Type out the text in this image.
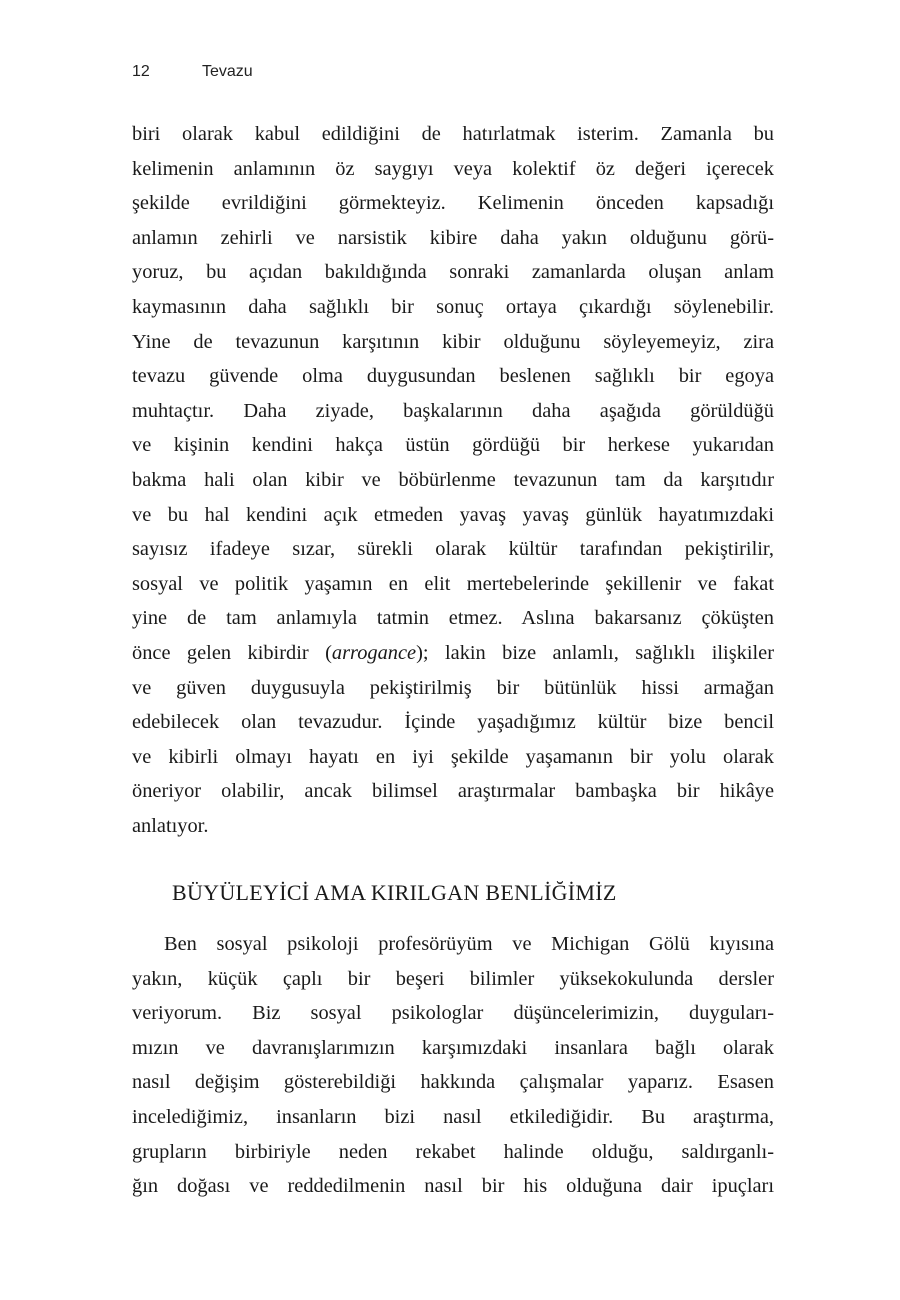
12	Tevazu
biri olarak kabul edildiğini de hatırlatmak isterim. Zamanla bu
kelimenin anlamının öz saygıyı veya kolektif öz değeri içerecek
şekilde evrildiğini görmekteyiz. Kelimenin önceden kapsadığı
anlamın zehirli ve narsistik kibire daha yakın olduğunu görü-
yoruz, bu açıdan bakıldığında sonraki zamanlarda oluşan anlam
kaymasının daha sağlıklı bir sonuç ortaya çıkardığı söylenebilir.
Yine de tevazunun karşıtının kibir olduğunu söyleyemeyiz, zira
tevazu güvende olma duygusundan beslenen sağlıklı bir egoya
muhtaçtır. Daha ziyade, başkalarının daha aşağıda görüldüğü
ve kişinin kendini hakça üstün gördüğü bir herkese yukarıdan
bakma hali olan kibir ve böbürlenme tevazunun tam da karşıtıdır
ve bu hal kendini açık etmeden yavaş yavaş günlük hayatımızdaki
sayısız ifadeye sızar, sürekli olarak kültür tarafından pekiştirilir,
sosyal ve politik yaşamın en elit mertebelerinde şekillenir ve fakat
yine de tam anlamıyla tatmin etmez. Aslına bakarsanız çöküşten
önce gelen kibirdir (arrogance); lakin bize anlamlı, sağlıklı ilişkiler
ve güven duygusuyla pekiştirilmiş bir bütünlük hissi armağan
edebilecek olan tevazudur. İçinde yaşadığımız kültür bize bencil
ve kibirli olmayı hayatı en iyi şekilde yaşamanın bir yolu olarak
öneriyor olabilir, ancak bilimsel araştırmalar bambaşka bir hikâye
anlatıyor.
BÜYÜLEYİCİ AMA KIRILGAN BENLİĞİMİZ
Ben sosyal psikoloji profesörüyüm ve Michigan Gölü kıyısına
yakın, küçük çaplı bir beşeri bilimler yüksekokulunda dersler
veriyorum. Biz sosyal psikologlar düşüncelerimizin, duyguları-
mızın ve davranışlarımızın karşımızdaki insanlara bağlı olarak
nasıl değişim gösterebildiği hakkında çalışmalar yaparız. Esasen
incelediğimiz, insanların bizi nasıl etkilediğidir. Bu araştırma,
grupların birbiriyle neden rekabet halinde olduğu, saldırganlı-
ğın doğası ve reddedilmenin nasıl bir his olduğuna dair ipuçları
